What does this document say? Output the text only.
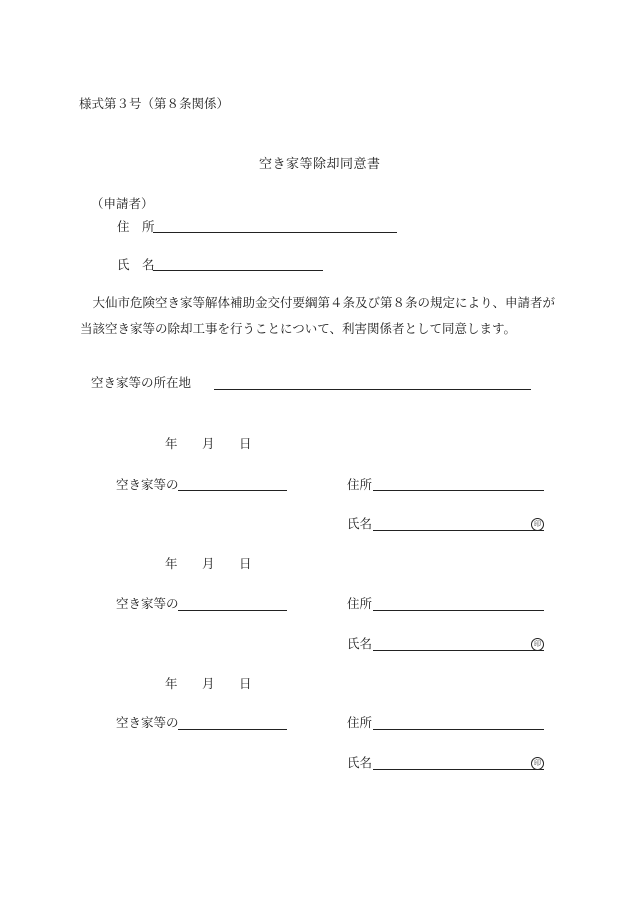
様式第３号（第８条関係）
空き家等除却同意書
（申請者）
住　所
氏　名
　大仙市危険空き家等解体補助金交付要綱第４条及び第８条の規定により、申請者が当該空き家等の除却工事を行うことについて、利害関係者として同意します。
空き家等の所在地
年 月 日
空き家等の	住所
氏名	印
年 月 日
空き家等の	住所
氏名	印
年 月 日
空き家等の	住所
氏名	印
